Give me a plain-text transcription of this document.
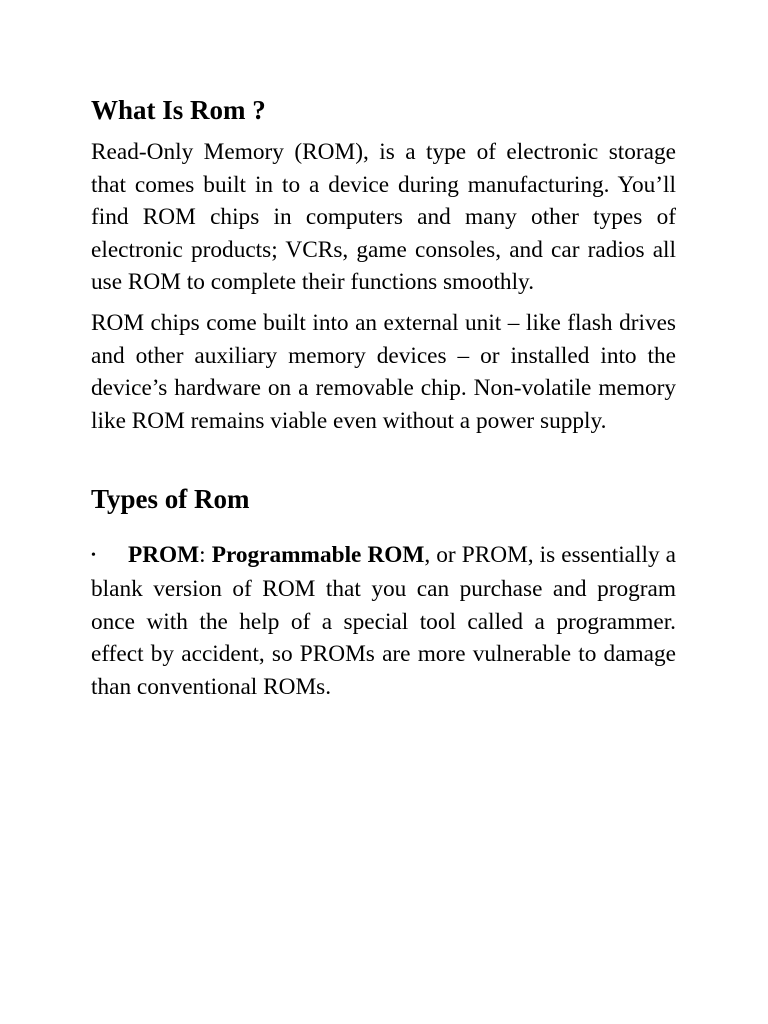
What Is Rom ?

Read-Only Memory (ROM), is a type of electronic storage that comes built in to a device during manufacturing. You’ll find ROM chips in computers and many other types of electronic products; VCRs, game consoles, and car radios all use ROM to complete their functions smoothly.

ROM chips come built into an external unit – like flash drives and other auxiliary memory devices – or installed into the device’s hardware on a removable chip. Non-volatile memory like ROM remains viable even without a power supply.

Types of Rom

• PROM: Programmable ROM, or PROM, is essentially a blank version of ROM that you can purchase and program once with the help of a special tool called a programmer. effect by accident, so PROMs are more vulnerable to damage than conventional ROMs.
